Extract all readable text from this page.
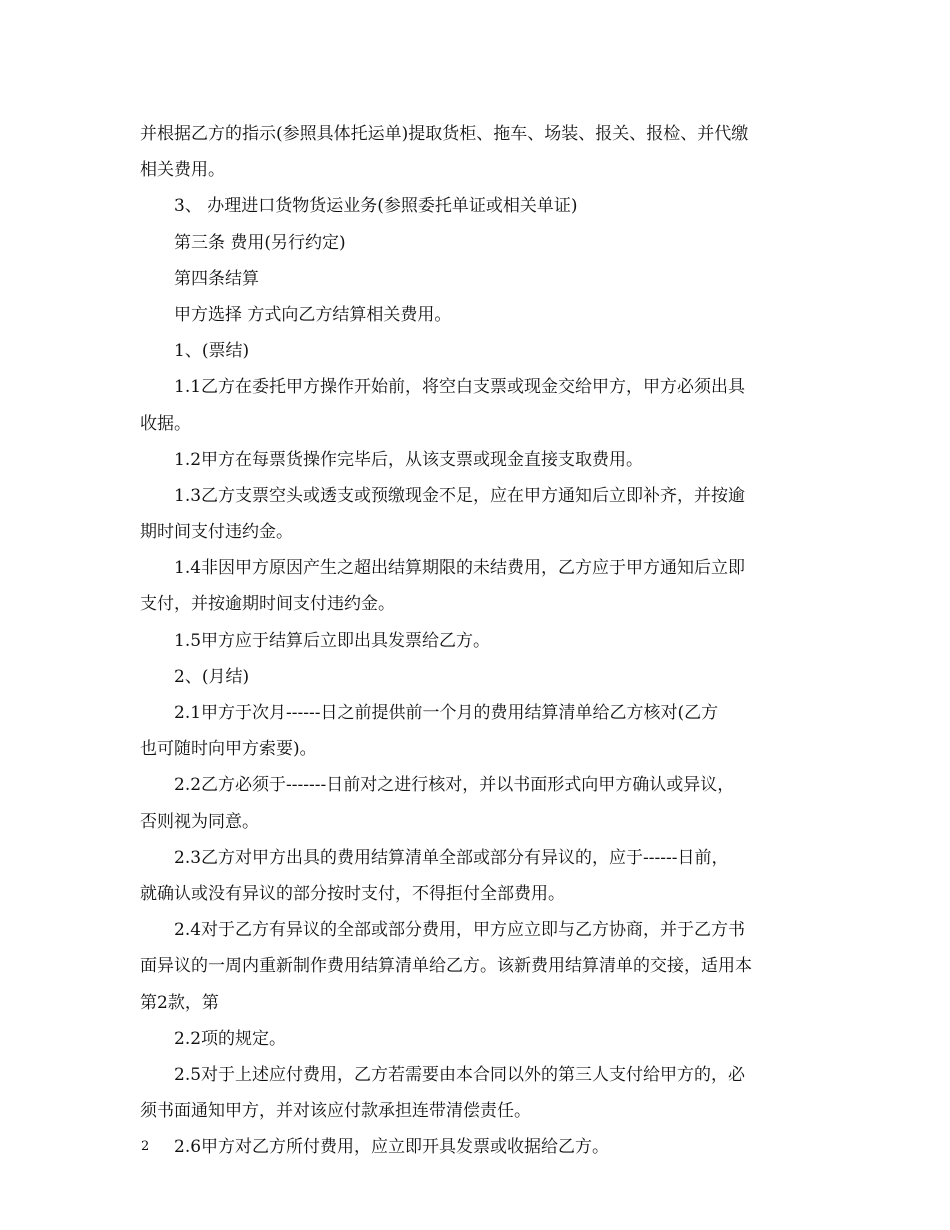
并根据乙方的指示(参照具体托运单)提取货柜、拖车、场装、报关、报检、并代缴
相关费用。
3、 办理进口货物货运业务(参照委托单证或相关单证)
第三条 费用(另行约定)
第四条结算
甲方选择 方式向乙方结算相关费用。
1、(票结)
1.1乙方在委托甲方操作开始前，将空白支票或现金交给甲方，甲方必须出具
收据。
1.2甲方在每票货操作完毕后，从该支票或现金直接支取费用。
1.3乙方支票空头或透支或预缴现金不足，应在甲方通知后立即补齐，并按逾
期时间支付违约金。
1.4非因甲方原因产生之超出结算期限的未结费用，乙方应于甲方通知后立即
支付，并按逾期时间支付违约金。
1.5甲方应于结算后立即出具发票给乙方。
2、(月结)
2.1甲方于次月------日之前提供前一个月的费用结算清单给乙方核对(乙方
也可随时向甲方索要)。
2.2乙方必须于-------日前对之进行核对，并以书面形式向甲方确认或异议，
否则视为同意。
2.3乙方对甲方出具的费用结算清单全部或部分有异议的，应于------日前，
就确认或没有异议的部分按时支付，不得拒付全部费用。
2.4对于乙方有异议的全部或部分费用，甲方应立即与乙方协商，并于乙方书
面异议的一周内重新制作费用结算清单给乙方。该新费用结算清单的交接，适用本
第2款，第
2.2项的规定。
2.5对于上述应付费用，乙方若需要由本合同以外的第三人支付给甲方的，必
须书面通知甲方，并对该应付款承担连带清偿责任。
2.6甲方对乙方所付费用，应立即开具发票或收据给乙方。
2
